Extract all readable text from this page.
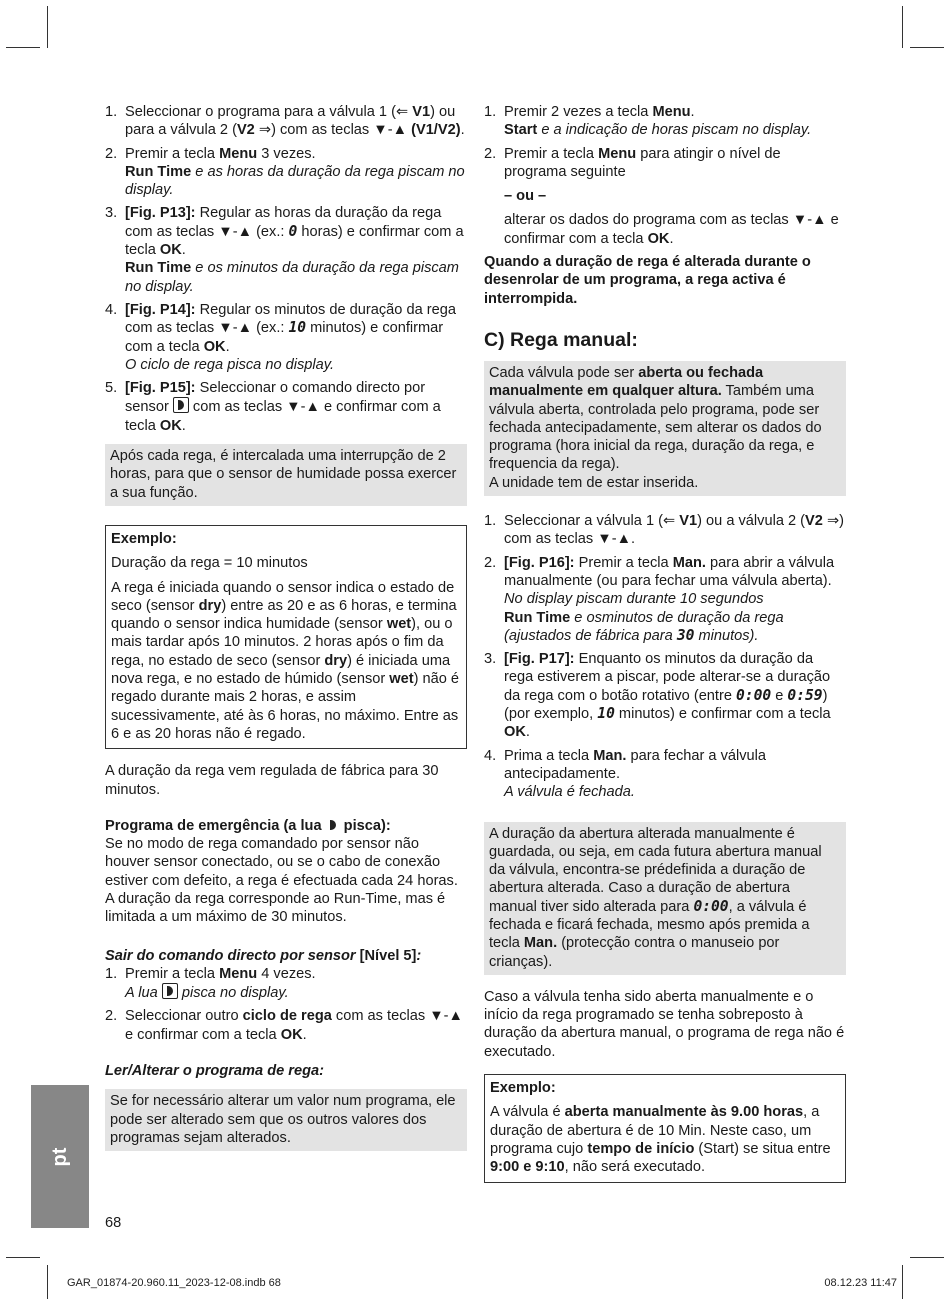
1. Seleccionar o programa para a válvula 1 (⇐ V1) ou para a válvula 2 (V2 ⇒) com as teclas ▼-▲ (V1/V2).
2. Premir a tecla Menu 3 vezes.
Run Time e as horas da duração da rega piscam no display.
3. [Fig. P13]: Regular as horas da duração da rega com as teclas ▼-▲ (ex.: 0 horas) e confirmar com a tecla OK.
Run Time e os minutos da duração da rega piscam no display.
4. [Fig. P14]: Regular os minutos de duração da rega com as teclas ▼-▲ (ex.: 10 minutos) e confirmar com a tecla OK.
O ciclo de rega pisca no display.
5. [Fig. P15]: Seleccionar o comando directo por sensor  com as teclas ▼-▲ e confirmar com a tecla OK.
Após cada rega, é intercalada uma interrupção de 2 horas, para que o sensor de humidade possa exercer a sua função.
Exemplo:
Duração da rega = 10 minutos
A rega é iniciada quando o sensor indica o estado de seco (sensor dry) entre as 20 e as 6 horas, e termina quando o sensor indica humidade (sensor wet), ou o mais tardar após 10 minutos. 2 horas após o fim da rega, no estado de seco (sensor dry) é iniciada uma nova rega, e no estado de húmido (sensor wet) não é regado durante mais 2 horas, e assim sucessivamente, até às 6 horas, no máximo. Entre as 6 e as 20 horas não é regado.

A duração da rega vem regulada de fábrica para 30 minutos.

Programa de emergência (a lua  pisca):

Se no modo de rega comandado por sensor não houver sensor conectado, ou se o cabo de conexão estiver com defeito, a rega é efectuada cada 24 horas. A duração da rega corresponde ao Run-Time, mas é limitada a um máximo de 30 minutos.

Sair do comando directo por sensor [Nível 5]:

1. Premir a tecla Menu 4 vezes.
A lua pisca no display.
2. Seleccionar outro ciclo de rega com as teclas ▼-▲ e confirmar com a tecla OK.

Ler/Alterar o programa de rega:

Se for necessário alterar um valor num programa, ele pode ser alterado sem que os outros valores dos programas sejam alterados.
1. Premir 2 vezes a tecla Menu.
Start e a indicação de horas piscam no display.
2. Premir a tecla Menu para atingir o nível de programa seguinte
– ou –
alterar os dados do programa com as teclas ▼-▲ e confirmar com a tecla OK.

Quando a duração de rega é alterada durante o desenrolar de um programa, a rega activa é interrompida.

C) Rega manual:
Cada válvula pode ser aberta ou fechada manualmente em qualquer altura. Também uma válvula aberta, controlada pelo programa, pode ser fechada antecipadamente, sem alterar os dados do programa (hora inicial da rega, duração da rega, e frequencia da rega).
A unidade tem de estar inserida.
1. Seleccionar a válvula 1 (⇐ V1) ou a válvula 2 (V2 ⇒) com as teclas ▼-▲.
2. [Fig. P16]: Premir a tecla Man. para abrir a válvula manualmente (ou para fechar uma válvula aberta).
No display piscam durante 10 segundos
Run Time e osminutos de duração da rega (ajustados de fábrica para 30 minutos).
3. [Fig. P17]: Enquanto os minutos da duração da rega estiverem a piscar, pode alterar-se a duração da rega com o botão rotativo (entre 0:00 e 0:59) (por exemplo, 10 minutos) e confirmar com a tecla OK.
4. Prima a tecla Man. para fechar a válvula antecipadamente.
A válvula é fechada.
A duração da abertura alterada manualmente é guardada, ou seja, em cada futura abertura manual da válvula, encontra-se prédefinida a duração de abertura alterada. Caso a duração de abertura manual tiver sido alterada para 0:00, a válvula é fechada e ficará fechada, mesmo após premida a tecla Man. (protecção contra o manuseio por crianças).

Caso a válvula tenha sido aberta manualmente e o início da rega programado se tenha sobreposto à duração da abertura manual, o programa de rega não é executado.

Exemplo:
A válvula é aberta manualmente às 9.00 horas, a duração de abertura é de 10 Min. Neste caso, um programa cujo tempo de início (Start) se situa entre 9:00 e 9:10, não será executado.
pt
68
GAR_01874-20.960.11_2023-12-08.indb 68	08.12.23 11:47
